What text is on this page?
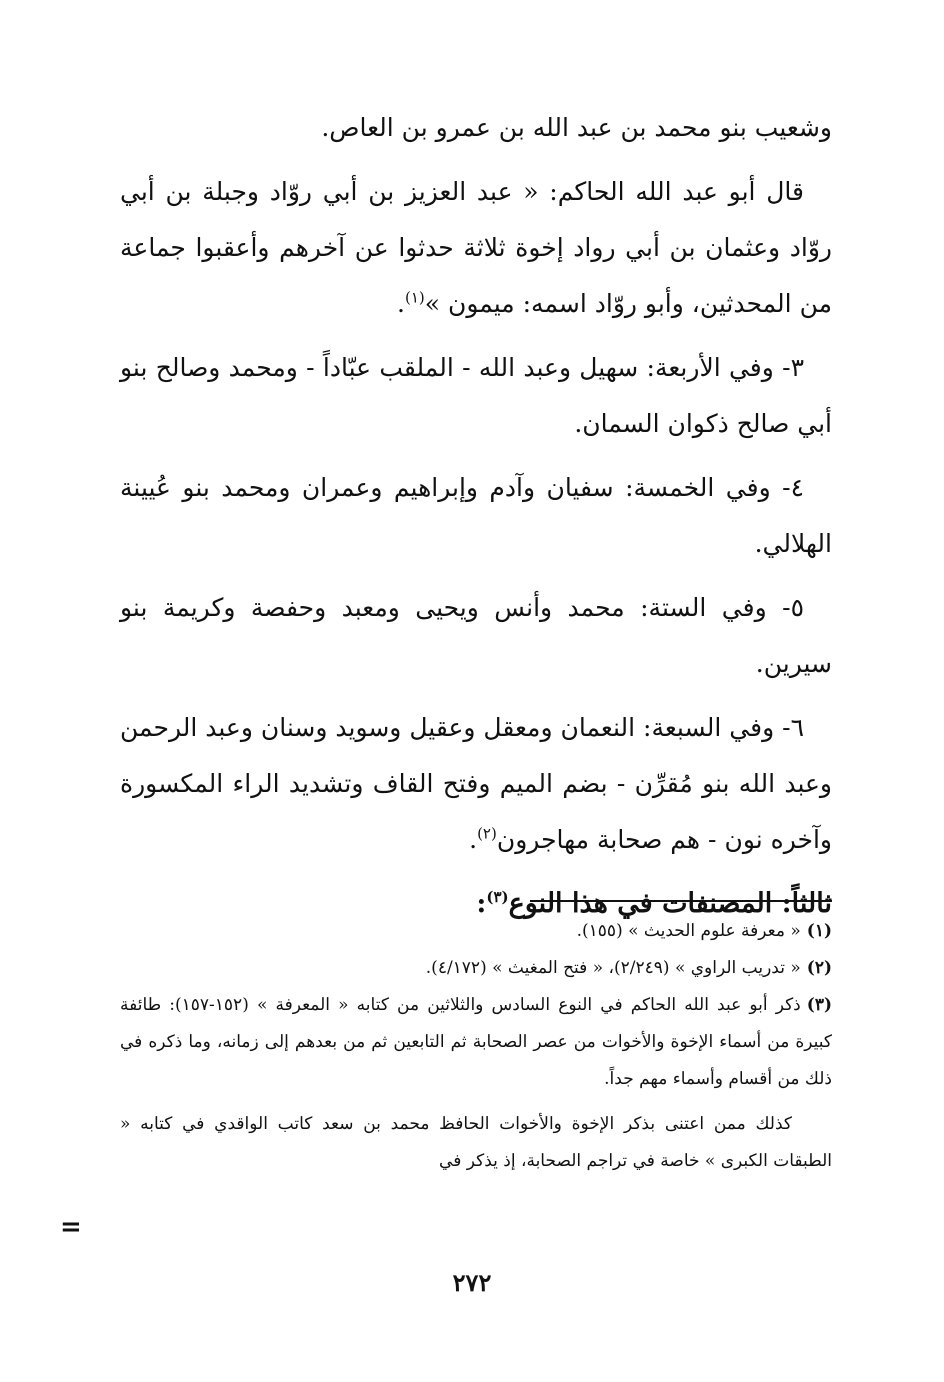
وشعيب بنو محمد بن عبد الله بن عمرو بن العاص.

قال أبو عبد الله الحاكم: « عبد العزيز بن أبي روّاد وجبلة بن أبي روّاد وعثمان بن أبي رواد إخوة ثلاثة حدثوا عن آخرهم وأعقبوا جماعة من المحدثين، وأبو روّاد اسمه: ميمون »$^{(١)}$.

٣- وفي الأربعة: سهيل وعبد الله - الملقب عبّاداً - ومحمد وصالح بنو أبي صالح ذكوان السمان.

٤- وفي الخمسة: سفيان وآدم وإبراهيم وعمران ومحمد بنو عُيينة الهلالي.

٥- وفي الستة: محمد وأنس ويحيى ومعبد وحفصة وكريمة بنو سيرين.

٦- وفي السبعة: النعمان ومعقل وعقيل وسويد وسنان وعبد الرحمن وعبد الله بنو مُقرِّن - بضم الميم وفتح القاف وتشديد الراء المكسورة وآخره نون - هم صحابة مهاجرون$^{(٢)}$.

ثالثاً: المصنفات في هذا النوع$^{(٣)}$:

(١)« معرفة علوم الحديث » (١٥٥).

(٢)« تدريب الراوي » (٢/٢٤٩)، « فتح المغيث » (٤/١٧٢).

(٣)ذكر أبو عبد الله الحاكم في النوع السادس والثلاثين من كتابه « المعرفة » (١٥٢-١٥٧): طائفة كبيرة من أسماء الإخوة والأخوات من عصر الصحابة ثم التابعين ثم من بعدهم إلى زمانه، وما ذكره في ذلك من أقسام وأسماء مهم جداً.

كذلك ممن اعتنى بذكر الإخوة والأخوات الحافظ محمد بن سعد كاتب الواقدي في كتابه « الطبقات الكبرى » خاصة في تراجم الصحابة، إذ يذكر في

=
٢٧٢
